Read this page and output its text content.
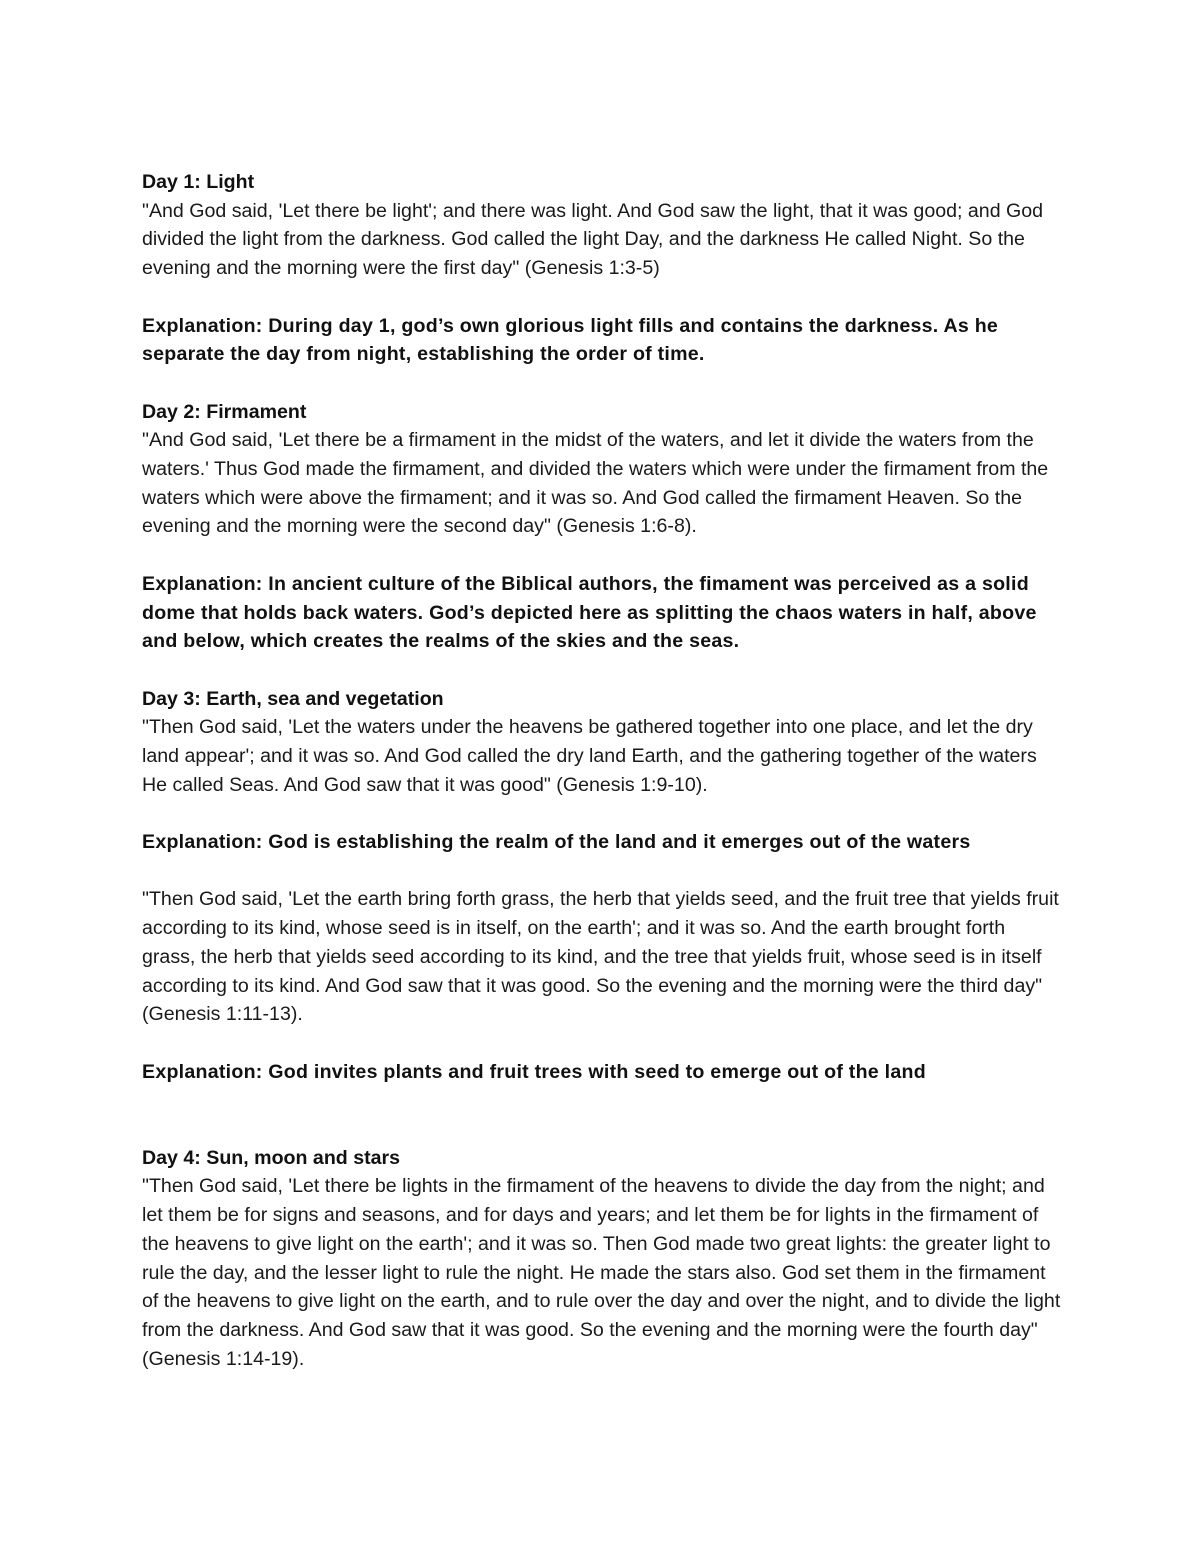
Day 1: Light

"And God said, 'Let there be light'; and there was light. And God saw the light, that it was good; and God divided the light from the darkness. God called the light Day, and the darkness He called Night. So the evening and the morning were the first day" (Genesis 1:3-5)

Explanation: During day 1, god’s own glorious light fills and contains the darkness. As he separate the day from night, establishing the order of time.

Day 2: Firmament

"And God said, 'Let there be a firmament in the midst of the waters, and let it divide the waters from the waters.' Thus God made the firmament, and divided the waters which were under the firmament from the waters which were above the firmament; and it was so. And God called the firmament Heaven. So the evening and the morning were the second day" (Genesis 1:6-8).

Explanation: In ancient culture of the Biblical authors, the fimament was perceived as a solid dome that holds back waters. God’s depicted here as splitting the chaos waters in half, above and below, which creates the realms of the skies and the seas.

Day 3: Earth, sea and vegetation

"Then God said, 'Let the waters under the heavens be gathered together into one place, and let the dry land appear'; and it was so. And God called the dry land Earth, and the gathering together of the waters He called Seas. And God saw that it was good" (Genesis 1:9-10).

Explanation: God is establishing the realm of the land and it emerges out of the waters

"Then God said, 'Let the earth bring forth grass, the herb that yields seed, and the fruit tree that yields fruit according to its kind, whose seed is in itself, on the earth'; and it was so. And the earth brought forth grass, the herb that yields seed according to its kind, and the tree that yields fruit, whose seed is in itself according to its kind. And God saw that it was good. So the evening and the morning were the third day" (Genesis 1:11-13).

Explanation: God invites plants and fruit trees with seed to emerge out of the land

Day 4: Sun, moon and stars

"Then God said, 'Let there be lights in the firmament of the heavens to divide the day from the night; and let them be for signs and seasons, and for days and years; and let them be for lights in the firmament of the heavens to give light on the earth'; and it was so. Then God made two great lights: the greater light to rule the day, and the lesser light to rule the night. He made the stars also. God set them in the firmament of the heavens to give light on the earth, and to rule over the day and over the night, and to divide the light from the darkness. And God saw that it was good. So the evening and the morning were the fourth day" (Genesis 1:14-19).
